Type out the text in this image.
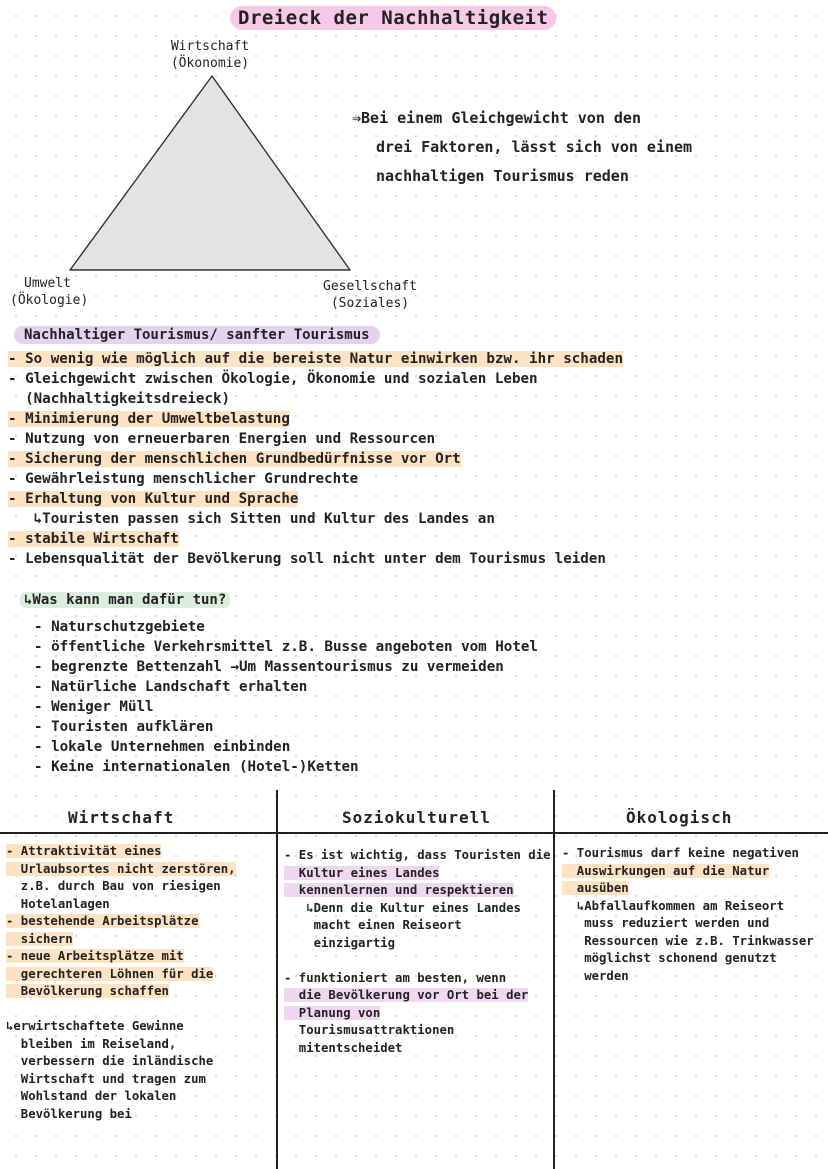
Dreieck der Nachhaltigkeit
Wirtschaft
(Ökonomie)
Umwelt
(Ökologie)
Gesellschaft
(Soziales)
⇒Bei einem Gleichgewicht von den
drei Faktoren, lässt sich von einem
nachhaltigen Tourismus reden
Nachhaltiger Tourismus/ sanfter Tourismus
- So wenig wie möglich auf die bereiste Natur einwirken bzw. ihr schaden
- Gleichgewicht zwischen Ökologie, Ökonomie und sozialen Leben
(Nachhaltigkeitsdreieck)
- Minimierung der Umweltbelastung
- Nutzung von erneuerbaren Energien und Ressourcen
- Sicherung der menschlichen Grundbedürfnisse vor Ort
- Gewährleistung menschlicher Grundrechte
- Erhaltung von Kultur und Sprache
↳Touristen passen sich Sitten und Kultur des Landes an
- stabile Wirtschaft
- Lebensqualität der Bevölkerung soll nicht unter dem Tourismus leiden
↳Was kann man dafür tun?
- Naturschutzgebiete
- öffentliche Verkehrsmittel z.B. Busse angeboten vom Hotel
- begrenzte Bettenzahl →Um Massentourismus zu vermeiden
- Natürliche Landschaft erhalten
- Weniger Müll
- Touristen aufklären
- lokale Unternehmen einbinden
- Keine internationalen (Hotel-)Ketten
Wirtschaft	Soziokulturell	Ökologisch
- Attraktivität eines
Urlaubsortes nicht zerstören,
z.B. durch Bau von riesigen
Hotelanlagen
- bestehende Arbeitsplätze
sichern
- neue Arbeitsplätze mit
gerechteren Löhnen für die
Bevölkerung schaffen
↳erwirtschaftete Gewinne
bleiben im Reiseland,
verbessern die inländische
Wirtschaft und tragen zum
Wohlstand der lokalen
Bevölkerung bei
- Es ist wichtig, dass Touristen die
Kultur eines Landes
kennenlernen und respektieren
↳Denn die Kultur eines Landes
macht einen Reiseort
einzigartig
- funktioniert am besten, wenn
die Bevölkerung vor Ort bei der
Planung von
Tourismusattraktionen
mitentscheidet
- Tourismus darf keine negativen
Auswirkungen auf die Natur
ausüben
↳Abfallaufkommen am Reiseort
muss reduziert werden und
Ressourcen wie z.B. Trinkwasser
möglichst schonend genutzt
werden
